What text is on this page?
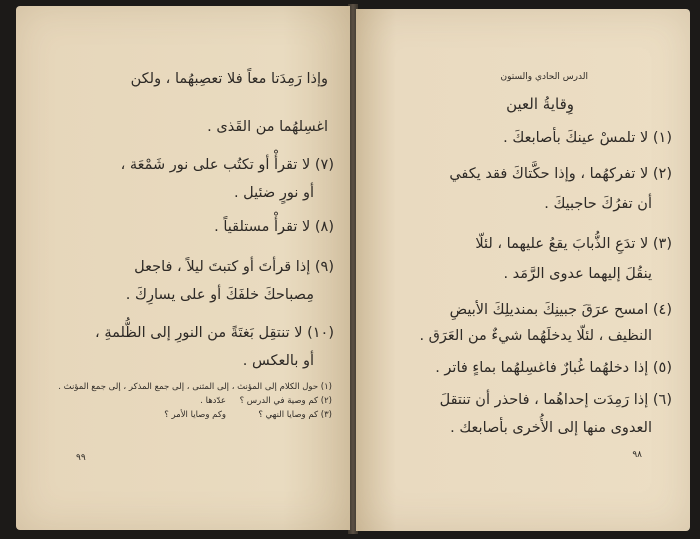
وإذا رَمِدَتا معاً فلا تعصِبهُما ، ولكن
اغسِلهُما من القَذى .
(٧) لا تقرأْ أو تكتُب على نور شَمْعَة ،
أو نورٍ ضئيل .
(٨) لا تقرأْ مستلقياً .
(٩) إذا قرأتَ أو كتبتَ ليلاً ، فاجعل
مِصباحكَ خلفَكَ أو على يسارِكَ .
(١٠) لا تنتقِل بَغتَةً من النورِ إلى الظُّلمةِ ،
أو بالعكس .
(١) حول الكلام إلى المؤنث ، إلى المثنى ، إلى جمع المذكر ، إلى جمع المؤنث .
(٢) كم وصية في الدرس ؟
(٣) كم وصايا النهي ؟
عدّدها .
وكم وصايا الأمر ؟
٩٩
الدرس الحادي والستون
وِقايةُ العين
(١) لا تلمسْ عينكَ بأصابعكَ .
(٢) لا تفركهُما ، وإذا حكَّتاكَ فقد يكفي
أن تفرُكَ حاجبيكَ .
(٣) لا تدَعِ الذُّبابَ يقعُ عليهما ، لئلّا
ينقُلَ إليهما عدوى الرَّمَد .
(٤) امسح عرَقَ جبينِكَ بمنديلِكَ الأبيضِ
النظيف ، لئلّا يدخلَهُما شيءٌ من العَرَق .
(٥) إذا دخلهُما غُبارٌ فاغسِلهُما بماءٍ فاتر .
(٦) إذا رَمِدَت إحداهُما ، فاحذر أن تنتقلَ
العدوى منها إلى الأُخرى بأصابعك .
٩٨
